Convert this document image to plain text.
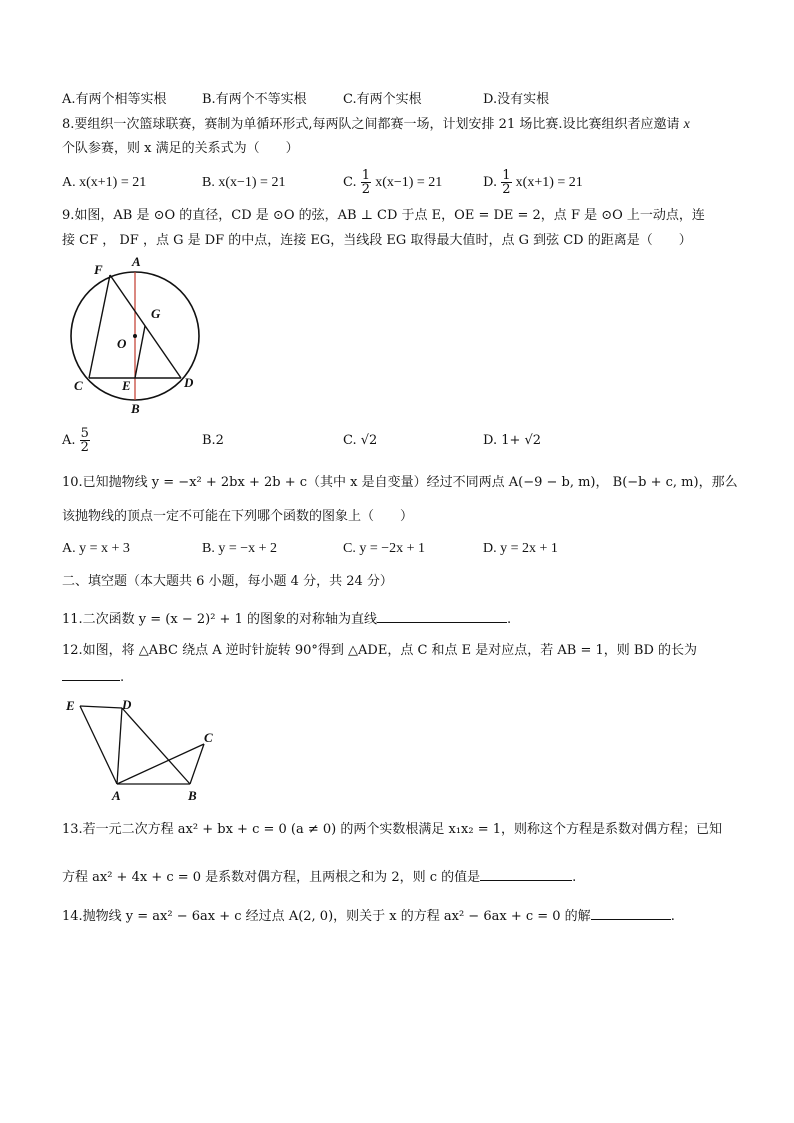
A.有两个相等实根	B.有两个不等实根	C.有两个实根	D.没有实根
8.要组织一次篮球联赛，赛制为单循环形式,每两队之间都赛一场，计划安排 21 场比赛.设比赛组织者应邀请 x
个队参赛，则 x 满足的关系式为（　　）
A. x(x+1) = 21	B. x(x−1) = 21	C. $\frac{1}{2} x(x-1) = 21$	D. $\frac{1}{2} x(x+1) = 21$
9.如图，AB 是 ⊙O 的直径，CD 是 ⊙O 的弦，AB ⊥ CD 于点 E，OE = DE = 2，点 F 是 ⊙O 上一动点，连
接 CF ， DF ，点 G 是 DF 的中点，连接 EG，当线段 EG 取得最大值时，点 G 到弦 CD 的距离是（　　）
A
F
G
O
C	E	D
B
A. $\frac{5}{2}$	B.2	C. √2	D. 1+ √2
10.已知抛物线 y = −x² + 2bx + 2b + c（其中 x 是自变量）经过不同两点 A(−9 − b, m)， B(−b + c, m)，那么
该抛物线的顶点一定不可能在下列哪个函数的图象上（　　）
A. y = x + 3	B. y = −x + 2	C. y = −2x + 1	D. y = 2x + 1
二、填空题（本大题共 6 小题，每小题 4 分，共 24 分）
11.二次函数 y = (x − 2)² + 1 的图象的对称轴为直线	.
12.如图，将 △ABC 绕点 A 逆时针旋转 90°得到 △ADE，点 C 和点 E 是对应点，若 AB = 1，则 BD 的长为
.
E	D
C
A	B
13.若一元二次方程 ax² + bx + c = 0 (a ≠ 0) 的两个实数根满足 x₁x₂ = 1，则称这个方程是系数对偶方程；已知
方程 ax² + 4x + c = 0 是系数对偶方程，且两根之和为 2，则 c 的值是	.
14.抛物线 y = ax² − 6ax + c 经过点 A(2, 0)，则关于 x 的方程 ax² − 6ax + c = 0 的解	.
